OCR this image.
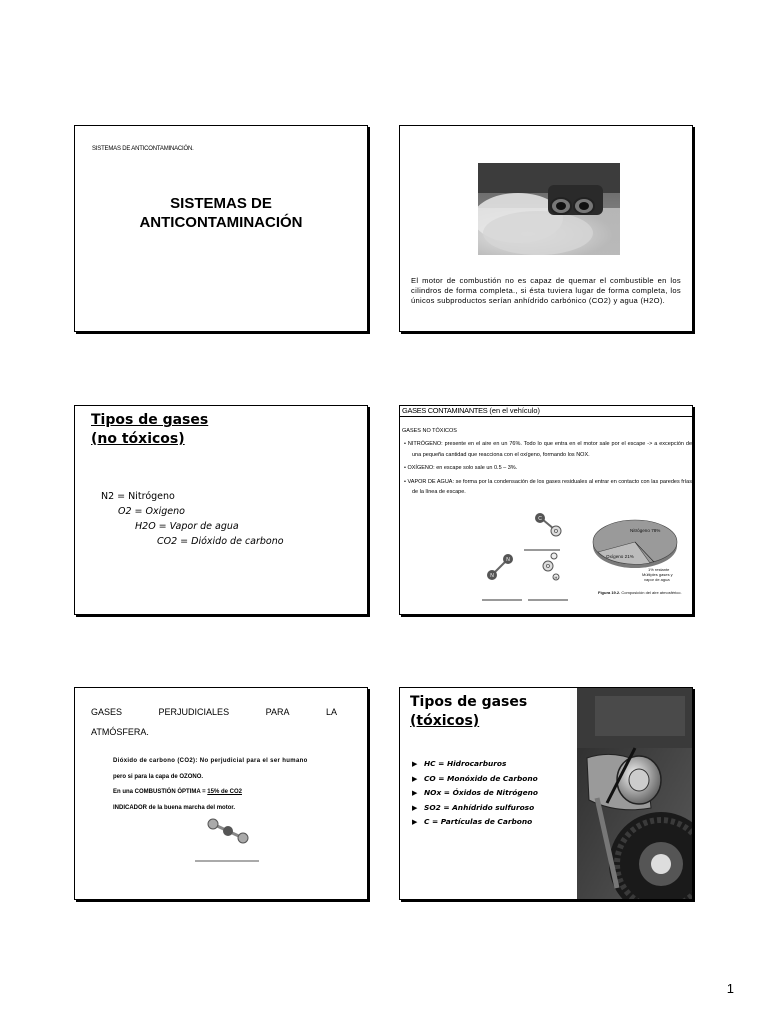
SISTEMAS DE ANTICONTAMINACIÓN.
SISTEMAS DE
ANTICONTAMINACIÓN
El motor de combustión no es capaz de quemar el combustible en los cilindros de forma completa., si ésta tuviera lugar de forma completa, los únicos subproductos serían anhídrido carbónico (CO2) y agua (H2O).
Tipos de gases
(no tóxicos)
N2 = Nitrógeno
O2 = Oxigeno
H2O = Vapor de agua
CO2 = Dióxido de carbono
GASES CONTAMINANTES (en el vehículo)
GASES NO TÓXICOS
• NITRÓGENO: presente en el aire en un 76%. Todo lo que entra en el motor sale por el escape -> a excepción de una pequeña cantidad que reacciona con el oxígeno, formando los NOX.
• OXÍGENO: en escape solo sale un 0.5 – 3%.
• VAPOR DE AGUA: se forma por la condensación de los gases residuales al entrar en contacto con las paredes frías de la línea de escape.
C
O
N
N
O
H
Nitrógeno 78%
Oxígeno 21%
1% restante
Múltiples gases y
vapor de agua
Figura 19.2. Composición del aire atmosférico.
GASES	PERJUDICIALES	PARA	LA
ATMÓSFERA.
Dióxido de carbono (CO2): No perjudicial para el ser humano
pero si para la capa de OZONO.
En una COMBUSTIÓN ÓPTIMA = 15% de CO2
INDICADOR de la buena marcha del motor.
Tipos de gases
(tóxicos)
▶ HC = Hidrocarburos
▶ CO = Monóxido de Carbono
▶ NOx = Óxidos de Nitrógeno
▶ SO2 = Anhídrido sulfuroso
▶ C = Partículas de Carbono
1
